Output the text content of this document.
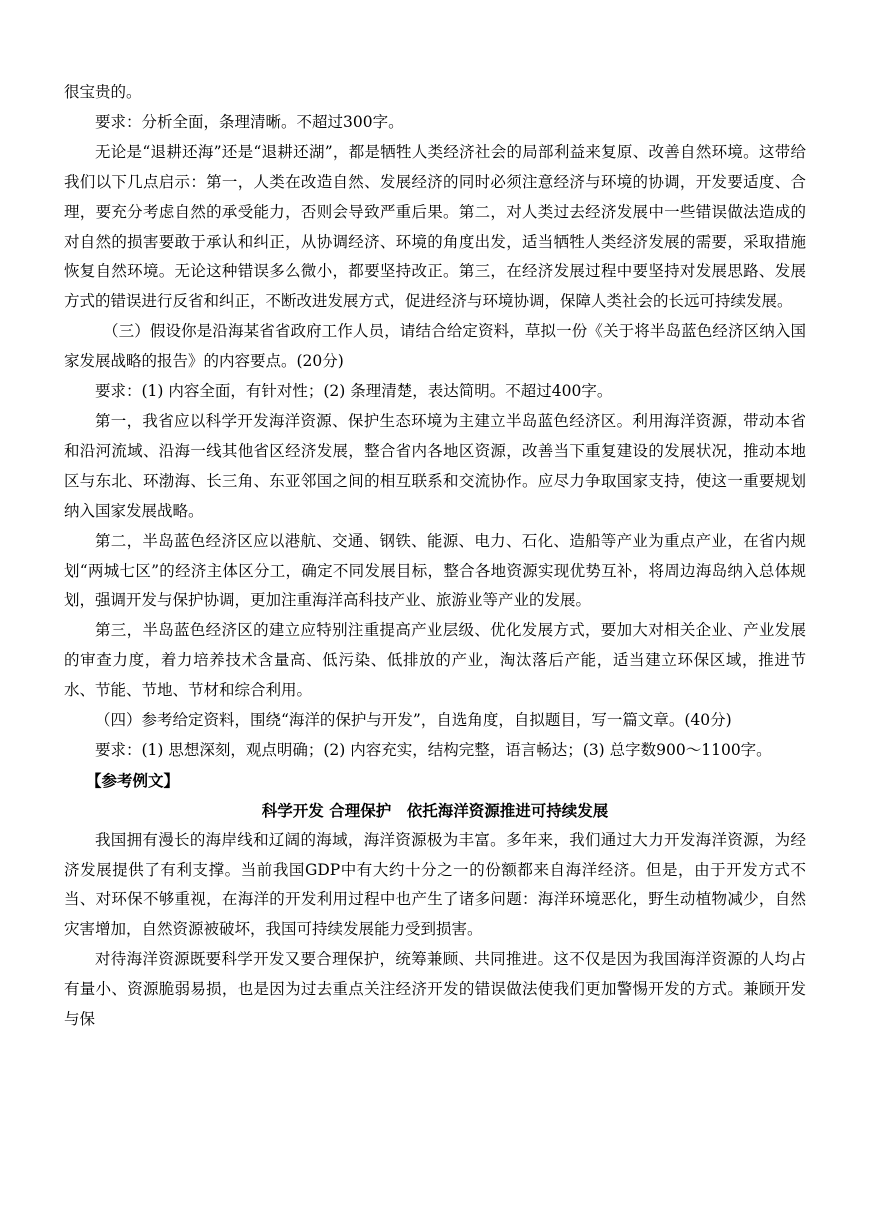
很宝贵的。

要求：分析全面，条理清晰。不超过300字。

无论是“退耕还海”还是“退耕还湖”，都是牺牲人类经济社会的局部利益来复原、改善自然环境。这带给我们以下几点启示：第一，人类在改造自然、发展经济的同时必须注意经济与环境的协调，开发要适度、合理，要充分考虑自然的承受能力，否则会导致严重后果。第二，对人类过去经济发展中一些错误做法造成的对自然的损害要敢于承认和纠正，从协调经济、环境的角度出发，适当牺牲人类经济发展的需要，采取措施恢复自然环境。无论这种错误多么微小，都要坚持改正。第三，在经济发展过程中要坚持对发展思路、发展方式的错误进行反省和纠正，不断改进发展方式，促进经济与环境协调，保障人类社会的长远可持续发展。

（三）假设你是沿海某省省政府工作人员，请结合给定资料，草拟一份《关于将半岛蓝色经济区纳入国家发展战略的报告》的内容要点。(20分)

要求：(1) 内容全面，有针对性；(2) 条理清楚，表达简明。不超过400字。

第一，我省应以科学开发海洋资源、保护生态环境为主建立半岛蓝色经济区。利用海洋资源，带动本省和沿河流域、沿海一线其他省区经济发展，整合省内各地区资源，改善当下重复建设的发展状况，推动本地区与东北、环渤海、长三角、东亚邻国之间的相互联系和交流协作。应尽力争取国家支持，使这一重要规划纳入国家发展战略。

第二，半岛蓝色经济区应以港航、交通、钢铁、能源、电力、石化、造船等产业为重点产业，在省内规划“两城七区”的经济主体区分工，确定不同发展目标，整合各地资源实现优势互补，将周边海岛纳入总体规划，强调开发与保护协调，更加注重海洋高科技产业、旅游业等产业的发展。

第三，半岛蓝色经济区的建立应特别注重提高产业层级、优化发展方式，要加大对相关企业、产业发展的审查力度，着力培养技术含量高、低污染、低排放的产业，淘汰落后产能，适当建立环保区域，推进节水、节能、节地、节材和综合利用。

（四）参考给定资料，围绕“海洋的保护与开发”，自选角度，自拟题目，写一篇文章。(40分)

要求：(1) 思想深刻，观点明确；(2) 内容充实，结构完整，语言畅达；(3) 总字数900～1100字。

【参考例文】

科学开发 合理保护　依托海洋资源推进可持续发展

我国拥有漫长的海岸线和辽阔的海域，海洋资源极为丰富。多年来，我们通过大力开发海洋资源，为经济发展提供了有利支撑。当前我国GDP中有大约十分之一的份额都来自海洋经济。但是，由于开发方式不当、对环保不够重视，在海洋的开发利用过程中也产生了诸多问题：海洋环境恶化，野生动植物减少，自然灾害增加，自然资源被破坏，我国可持续发展能力受到损害。

对待海洋资源既要科学开发又要合理保护，统筹兼顾、共同推进。这不仅是因为我国海洋资源的人均占有量小、资源脆弱易损，也是因为过去重点关注经济开发的错误做法使我们更加警惕开发的方式。兼顾开发与保
